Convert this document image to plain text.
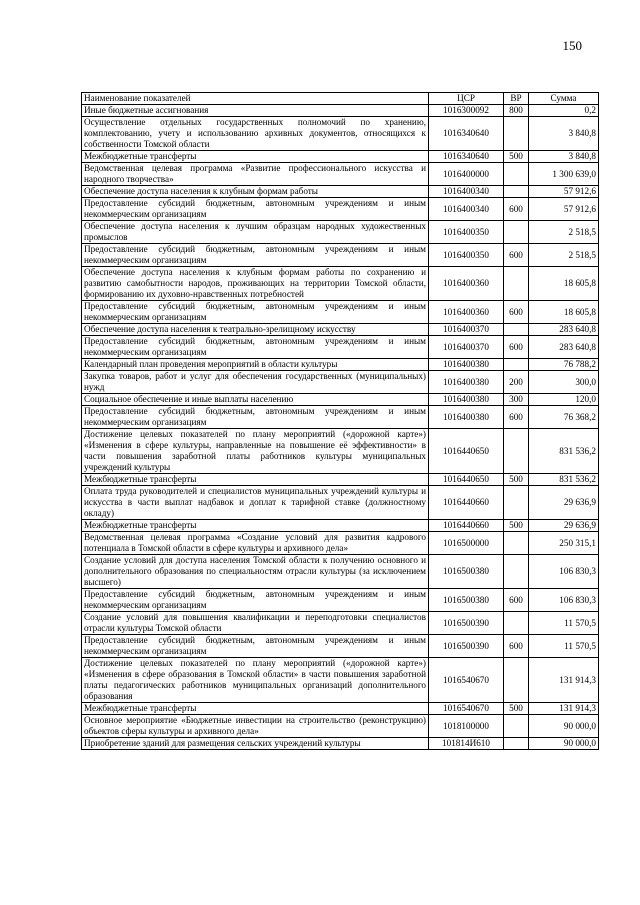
150
Наименование показателей	ЦСР	ВР	Сумма
Иные бюджетные ассигнования	1016300092	800	0,2
Осуществление отдельных государственных полномочий по хранению, комплектованию, учету и использованию архивных документов, относящихся к собственности Томской области	1016340640		3 840,8
Межбюджетные трансферты	1016340640	500	3 840,8
Ведомственная целевая программа «Развитие профессионального искусства и народного творчества»	1016400000		1 300 639,0
Обеспечение доступа населения к клубным формам работы	1016400340		57 912,6
Предоставление субсидий бюджетным, автономным учреждениям и иным некоммерческим организациям	1016400340	600	57 912,6
Обеспечение доступа населения к лучшим образцам народных художественных промыслов	1016400350		2 518,5
Предоставление субсидий бюджетным, автономным учреждениям и иным некоммерческим организациям	1016400350	600	2 518,5
Обеспечение доступа населения к клубным формам работы по сохранению и развитию самобытности народов, проживающих на территории Томской области, формированию их духовно-нравственных потребностей	1016400360		18 605,8
Предоставление субсидий бюджетным, автономным учреждениям и иным некоммерческим организациям	1016400360	600	18 605,8
Обеспечение доступа населения к театрально-зрелищному искусству	1016400370		283 640,8
Предоставление субсидий бюджетным, автономным учреждениям и иным некоммерческим организациям	1016400370	600	283 640,8
Календарный план проведения мероприятий в области культуры	1016400380		76 788,2
Закупка товаров, работ и услуг для обеспечения государственных (муниципальных) нужд	1016400380	200	300,0
Социальное обеспечение и иные выплаты населению	1016400380	300	120,0
Предоставление субсидий бюджетным, автономным учреждениям и иным некоммерческим организациям	1016400380	600	76 368,2
Достижение целевых показателей по плану мероприятий («дорожной карте») «Изменения в сфере культуры, направленные на повышение её эффективности» в части повышения заработной платы работников культуры муниципальных учреждений культуры	1016440650		831 536,2
Межбюджетные трансферты	1016440650	500	831 536,2
Оплата труда руководителей и специалистов муниципальных учреждений культуры и искусства в части выплат надбавок и доплат к тарифной ставке (должностному окладу)	1016440660		29 636,9
Межбюджетные трансферты	1016440660	500	29 636,9
Ведомственная целевая программа «Создание условий для развития кадрового потенциала в Томской области в сфере культуры и архивного дела»	1016500000		250 315,1
Создание условий для доступа населения Томской области к получению основного и дополнительного образования по специальностям отрасли культуры (за исключением высшего)	1016500380		106 830,3
Предоставление субсидий бюджетным, автономным учреждениям и иным некоммерческим организациям	1016500380	600	106 830,3
Создание условий для повышения квалификации и переподготовки специалистов отрасли культуры Томской области	1016500390		11 570,5
Предоставление субсидий бюджетным, автономным учреждениям и иным некоммерческим организациям	1016500390	600	11 570,5
Достижение целевых показателей по плану мероприятий («дорожной карте») «Изменения в сфере образования в Томской области» в части повышения заработной платы педагогических работников муниципальных организаций дополнительного образования	1016540670		131 914,3
Межбюджетные трансферты	1016540670	500	131 914,3
Основное мероприятие «Бюджетные инвестиции на строительство (реконструкцию) объектов сферы культуры и архивного дела»	1018100000		90 000,0
Приобретение зданий для размещения сельских учреждений культуры	101814И610		90 000,0
